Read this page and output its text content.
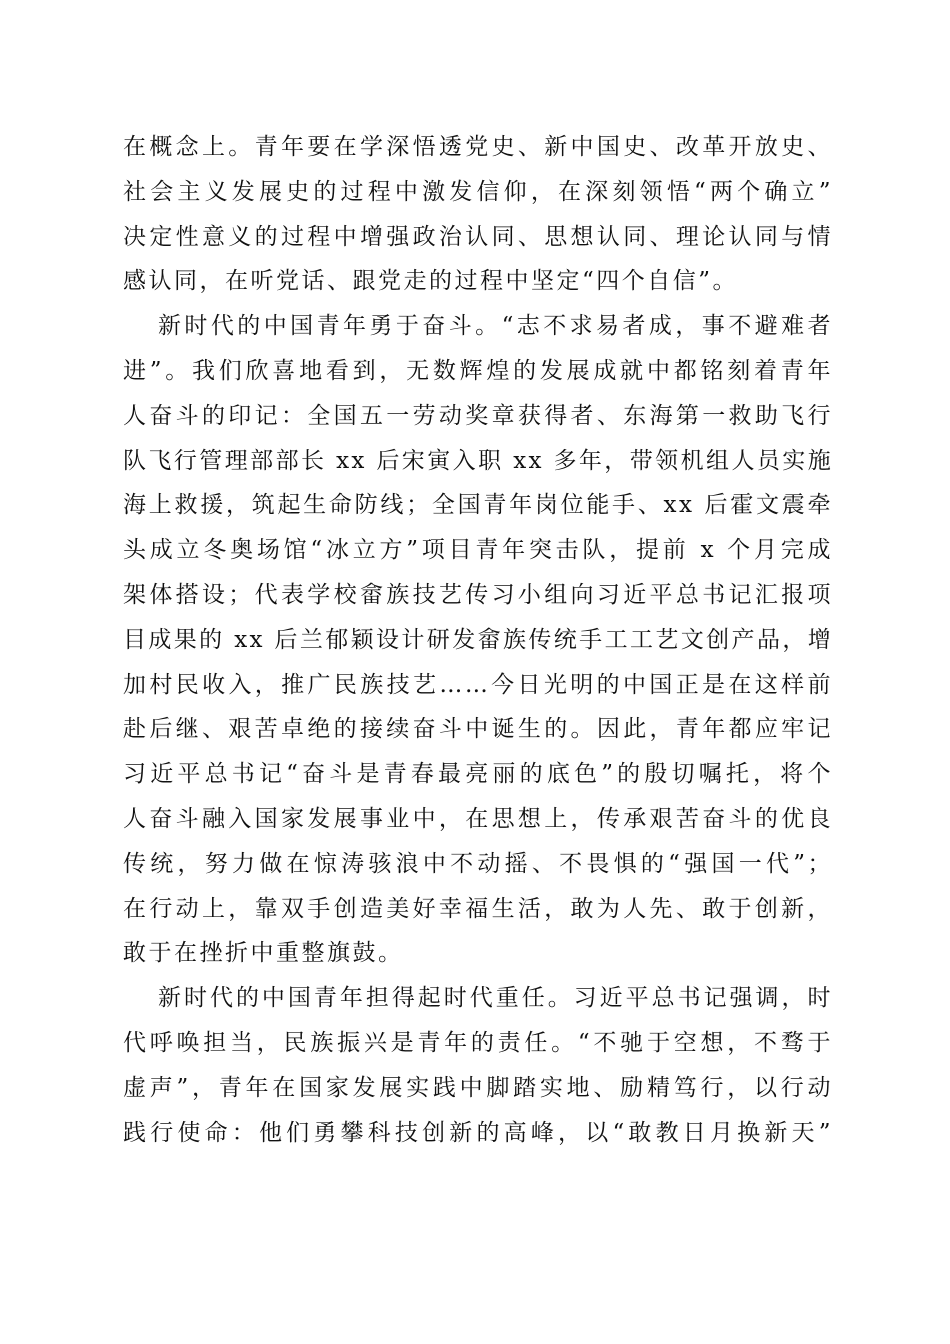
在概念上。青年要在学深悟透党史、新中国史、改革开放史、
社会主义发展史的过程中激发信仰，在深刻领悟“两个确立”
决定性意义的过程中增强政治认同、思想认同、理论认同与情
感认同，在听党话、跟党走的过程中坚定“四个自信”。
新时代的中国青年勇于奋斗。“志不求易者成，事不避难者
进”。我们欣喜地看到，无数辉煌的发展成就中都铭刻着青年
人奋斗的印记：全国五一劳动奖章获得者、东海第一救助飞行
队飞行管理部部长 xx 后宋寅入职 xx 多年，带领机组人员实施
海上救援，筑起生命防线；全国青年岗位能手、xx 后霍文震牵
头成立冬奥场馆“冰立方”项目青年突击队，提前 x 个月完成
架体搭设；代表学校畲族技艺传习小组向习近平总书记汇报项
目成果的 xx 后兰郁颖设计研发畲族传统手工工艺文创产品，增
加村民收入，推广民族技艺……今日光明的中国正是在这样前
赴后继、艰苦卓绝的接续奋斗中诞生的。因此，青年都应牢记
习近平总书记“奋斗是青春最亮丽的底色”的殷切嘱托，将个
人奋斗融入国家发展事业中，在思想上，传承艰苦奋斗的优良
传统，努力做在惊涛骇浪中不动摇、不畏惧的“强国一代”；
在行动上，靠双手创造美好幸福生活，敢为人先、敢于创新，
敢于在挫折中重整旗鼓。
新时代的中国青年担得起时代重任。习近平总书记强调，时
代呼唤担当，民族振兴是青年的责任。“不驰于空想，不骛于
虚声”，青年在国家发展实践中脚踏实地、励精笃行，以行动
践行使命：他们勇攀科技创新的高峰，以“敢教日月换新天”
